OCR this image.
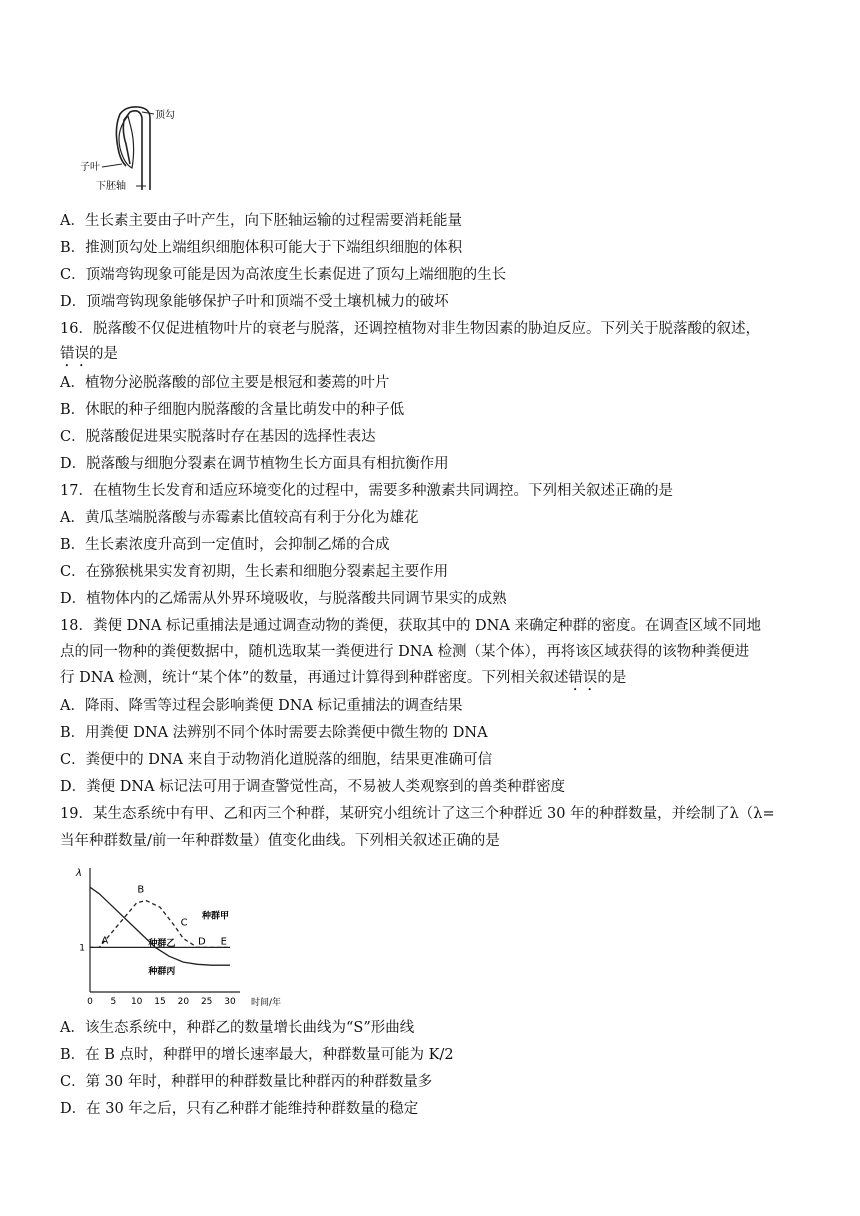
顶勾
子叶
下胚轴
A．生长素主要由子叶产生，向下胚轴运输的过程需要消耗能量
B．推测顶勾处上端组织细胞体积可能大于下端组织细胞的体积
C．顶端弯钩现象可能是因为高浓度生长素促进了顶勾上端细胞的生长
D．顶端弯钩现象能够保护子叶和顶端不受土壤机械力的破坏
16．脱落酸不仅促进植物叶片的衰老与脱落，还调控植物对非生物因素的胁迫反应。下列关于脱落酸的叙述，
错误的是
A．植物分泌脱落酸的部位主要是根冠和萎蔫的叶片
B．休眠的种子细胞内脱落酸的含量比萌发中的种子低
C．脱落酸促进果实脱落时存在基因的选择性表达
D．脱落酸与细胞分裂素在调节植物生长方面具有相抗衡作用
17．在植物生长发育和适应环境变化的过程中，需要多种激素共同调控。下列相关叙述正确的是
A．黄瓜茎端脱落酸与赤霉素比值较高有利于分化为雄花
B．生长素浓度升高到一定值时，会抑制乙烯的合成
C．在猕猴桃果实发育初期，生长素和细胞分裂素起主要作用
D．植物体内的乙烯需从外界环境吸收，与脱落酸共同调节果实的成熟
18．粪便 DNA 标记重捕法是通过调查动物的粪便，获取其中的 DNA 来确定种群的密度。在调查区域不同地
点的同一物种的粪便数据中，随机选取某一粪便进行 DNA 检测（某个体），再将该区域获得的该物种粪便进
行 DNA 检测，统计“某个体”的数量，再通过计算得到种群密度。下列相关叙述错误的是
A．降雨、降雪等过程会影响粪便 DNA 标记重捕法的调查结果
B．用粪便 DNA 法辨别不同个体时需要去除粪便中微生物的 DNA
C．粪便中的 DNA 来自于动物消化道脱落的细胞，结果更准确可信
D．粪便 DNA 标记法可用于调查警觉性高，不易被人类观察到的兽类种群密度
19．某生态系统中有甲、乙和丙三个种群，某研究小组统计了这三个种群近 30 年的种群数量，并绘制了λ（λ=
当年种群数量/前一年种群数量）值变化曲线。下列相关叙述正确的是
λ
0 5 10 15 20 25 30 时间/年
1
种群甲
种群乙
种群丙
A
B
C
D E
A．该生态系统中，种群乙的数量增长曲线为“S”形曲线
B．在 B 点时，种群甲的增长速率最大，种群数量可能为 K/2
C．第 30 年时，种群甲的种群数量比种群丙的种群数量多
D．在 30 年之后，只有乙种群才能维持种群数量的稳定
